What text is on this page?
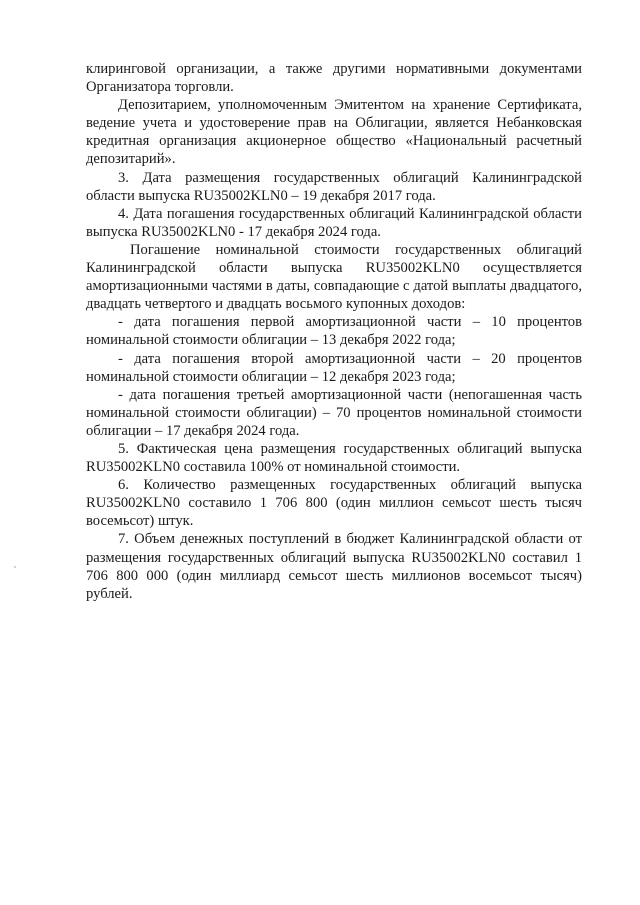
клиринговой организации, а также другими нормативными документами Организатора торговли.

Депозитарием, уполномоченным Эмитентом на хранение Сертификата, ведение учета и удостоверение прав на Облигации, является Небанковская кредитная организация акционерное общество «Национальный расчетный депозитарий».

3. Дата размещения государственных облигаций Калининградской области выпуска RU35002KLN0 – 19 декабря 2017 года.

4. Дата погашения государственных облигаций Калининградской области выпуска RU35002KLN0 - 17 декабря 2024 года.

Погашение номинальной стоимости государственных облигаций Калининградской области выпуска RU35002KLN0 осуществляется амортизационными частями в даты, совпадающие с датой выплаты двадцатого, двадцать четвертого и двадцать восьмого купонных доходов:

- дата погашения первой амортизационной части – 10 процентов номинальной стоимости облигации – 13 декабря 2022 года;

- дата погашения второй амортизационной части – 20 процентов номинальной стоимости облигации – 12 декабря 2023 года;

- дата погашения третьей амортизационной части (непогашенная часть номинальной стоимости облигации) – 70 процентов номинальной стоимости облигации – 17 декабря 2024 года.

5. Фактическая цена размещения государственных облигаций выпуска RU35002KLN0 составила 100% от номинальной стоимости.

6. Количество размещенных государственных облигаций выпуска RU35002KLN0 составило 1 706 800 (один миллион семьсот шесть тысяч восемьсот) штук.

7. Объем денежных поступлений в бюджет Калининградской области от размещения государственных облигаций выпуска RU35002KLN0 составил 1 706 800 000 (один миллиард семьсот шесть миллионов восемьсот тысяч) рублей.
